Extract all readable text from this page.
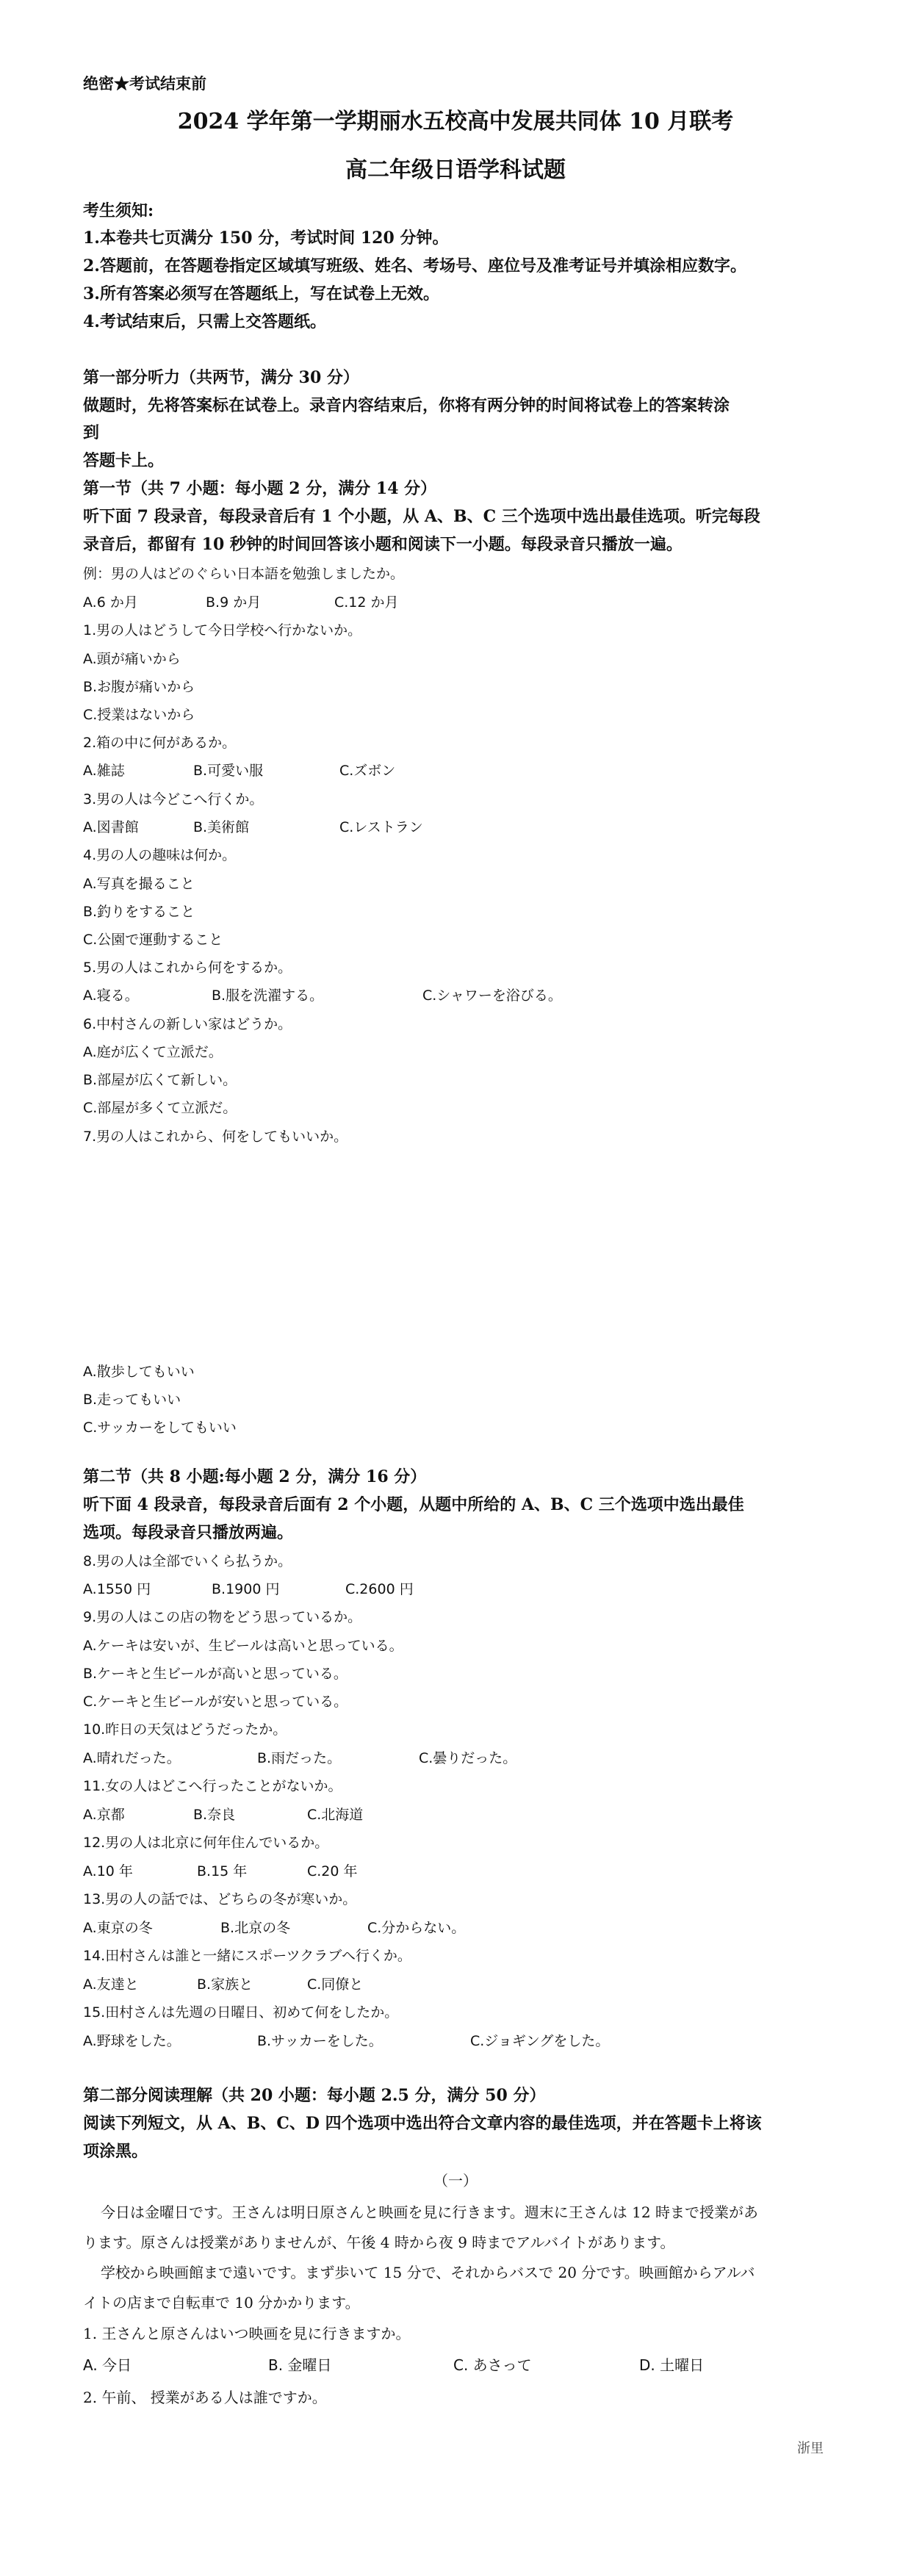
绝密★考试结束前
2024 学年第一学期丽水五校高中发展共同体 10 月联考
高二年级日语学科试题
考生须知:
1.本卷共七页满分 150 分，考试时间 120 分钟。
2.答题前，在答题卷指定区域填写班级、姓名、考场号、座位号及准考证号并填涂相应数字。
3.所有答案必须写在答题纸上，写在试卷上无效。
4.考试结束后，只需上交答题纸。
第一部分听力（共两节，满分 30 分）
做题时，先将答案标在试卷上。录音内容结束后，你将有两分钟的时间将试卷上的答案转涂
到
答题卡上。
第一节（共 7 小题：每小题 2 分，满分 14 分）
听下面 7 段录音，每段录音后有 1 个小题，从 A、B、C 三个选项中选出最佳选项。听完每段
录音后，都留有 10 秒钟的时间回答该小题和阅读下一小题。每段录音只播放一遍。
例：男の人はどのぐらい日本語を勉強しましたか。
A.6 か月	B.9 か月	C.12 か月
1.男の人はどうして今日学校へ行かないか。
A.頭が痛いから
B.お腹が痛いから
C.授業はないから
2.箱の中に何があるか。
A.雑誌	B.可愛い服	C.ズボン
3.男の人は今どこへ行くか。
A.図書館	B.美術館	C.レストラン
4.男の人の趣味は何か。
A.写真を撮ること
B.釣りをすること
C.公園で運動すること
5.男の人はこれから何をするか。
A.寝る。	B.服を洗濯する。	C.シャワーを浴びる。
6.中村さんの新しい家はどうか。
A.庭が広くて立派だ。
B.部屋が広くて新しい。
C.部屋が多くて立派だ。
7.男の人はこれから、何をしてもいいか。
A.散歩してもいい
B.走ってもいい
C.サッカーをしてもいい
第二节（共 8 小题:每小题 2 分，满分 16 分）
听下面 4 段录音，每段录音后面有 2 个小题，从题中所给的 A、B、C 三个选项中选出最佳
选项。每段录音只播放两遍。
8.男の人は全部でいくら払うか。
A.1550 円	B.1900 円	C.2600 円
9.男の人はこの店の物をどう思っているか。
A.ケーキは安いが、生ビールは高いと思っている。
B.ケーキと生ビールが高いと思っている。
C.ケーキと生ビールが安いと思っている。
10.昨日の天気はどうだったか。
A.晴れだった。	B.雨だった。	C.曇りだった。
11.女の人はどこへ行ったことがないか。
A.京都	B.奈良	C.北海道
12.男の人は北京に何年住んでいるか。
A.10 年	B.15 年	C.20 年
13.男の人の話では、どちらの冬が寒いか。
A.東京の冬	B.北京の冬	C.分からない。
14.田村さんは誰と一緒にスポーツクラブへ行くか。
A.友達と	B.家族と	C.同僚と
15.田村さんは先週の日曜日、初めて何をしたか。
A.野球をした。	B.サッカーをした。	C.ジョギングをした。
第二部分阅读理解（共 20 小题：每小题 2.5 分，满分 50 分）
阅读下列短文，从 A、B、C、D 四个选项中选出符合文章内容的最佳选项，并在答题卡上将该
项涂黑。
（一）
今日は金曜日です。王さんは明日原さんと映画を見に行きます。週末に王さんは 12 時まで授業があ
ります。原さんは授業がありませんが、午後 4 時から夜 9 時までアルバイトがあります。
学校から映画館まで遠いです。まず歩いて 15 分で、それからバスで 20 分です。映画館からアルバ
イトの店まで自転車で 10 分かかります。
1. 王さんと原さんはいつ映画を見に行きますか。
A. 今日	B. 金曜日	C. あさって	D. 土曜日
2. 午前、 授業がある人は誰ですか。
浙里
